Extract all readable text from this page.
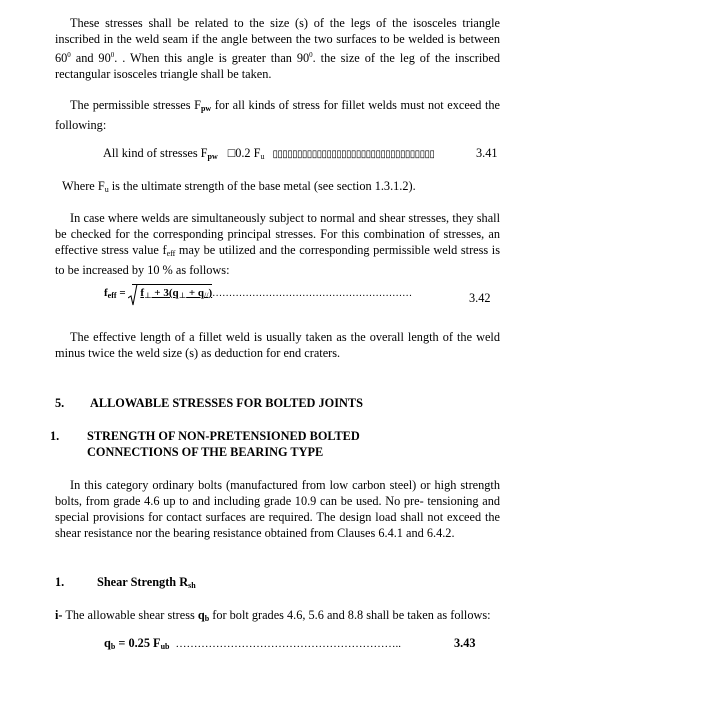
These stresses shall be related to the size (s) of the legs of the isosceles triangle inscribed in the weld seam if the angle between the two surfaces to be welded is between $60^0$ and $90^0$. . When this angle is greater than $90^0$. the size of the leg of the inscribed rectangular isosceles triangle shall be taken.

The permissible stresses $F_{pw}$ for all kinds of stress for fillet welds must not exceed the following:

All kind of stresses $F_{pw}$ □0.2 $F_u$ ▯▯▯▯▯▯▯▯▯▯▯▯▯▯▯▯▯▯▯▯▯▯▯▯▯▯▯▯▯▯▯▯▯	3.41
Where $F_u$ is the ultimate strength of the base metal (see section 1.3.1.2).

In case where welds are simultaneously subject to normal and shear stresses, they shall be checked for the corresponding principal stresses. For this combination of stresses, an effective stress value $f_{eff}$ may be utilized and the corresponding permissible weld stress is to be increased by 10 % as follows:

$f_{eff}$ =
$f_\perp + 3(q_\perp$ + $q_{//})\dots\dots\dots\dots\dots\dots\dots\dots\dots\dots\dots\dots\dots\dots\dots\dots\dots\dots\dots\dots$	3.42

The effective length of a fillet weld is usually taken as the overall length of the weld minus twice the weld size (s) as deduction for end craters.

5. ALLOWABLE STRESSES FOR BOLTED JOINTS
1. STRENGTH OF NON-PRETENSIONED BOLTED
CONNECTIONS OF THE BEARING TYPE

In this category ordinary bolts (manufactured from low carbon steel) or high strength bolts, from grade 4.6 up to and including grade 10.9 can be used. No pre- tensioning and special provisions for contact surfaces are required. The design load shall not exceed the shear resistance nor the bearing resistance obtained from Clauses 6.4.1 and 6.4.2.

1.	Shear Strength $R_{sh}$

i- The allowable shear stress $q_b$ for bolt grades 4.6, 5.6 and 8.8 shall be taken as follows:

$q_b = 0.25$ $F_{ub}$ ……………………………………………………..	3.43
